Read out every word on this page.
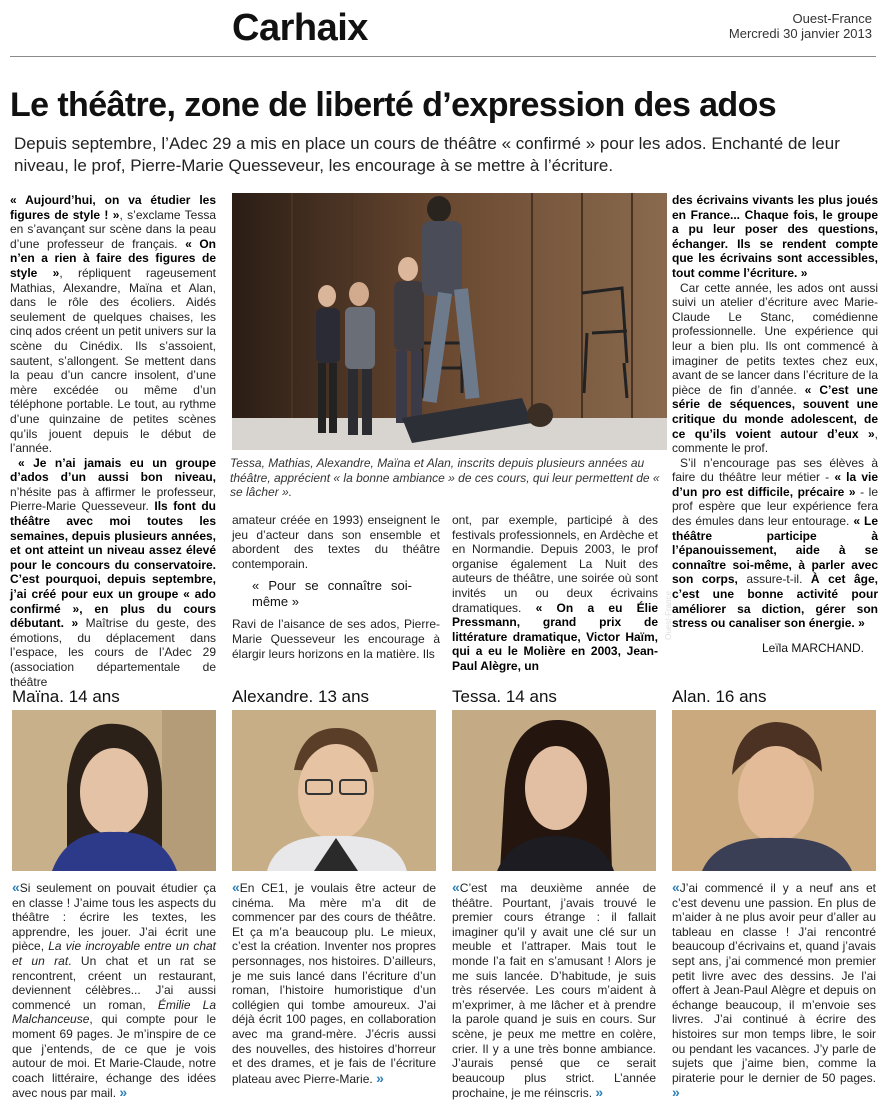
Carhaix	Ouest-France
Mercredi 30 janvier 2013
Le théâtre, zone de liberté d’expression des ados
Depuis septembre, l’Adec 29 a mis en place un cours de théâtre « confirmé » pour les ados. Enchanté de leur niveau, le prof, Pierre-Marie Quesseveur, les encourage à se mettre à l’écriture.

« Aujourd’hui, on va étudier les figures de style ! », s’exclame Tessa en s’avançant sur scène dans la peau d’une professeur de français. « On n’en a rien à faire des figures de style », répliquent rageusement Mathias, Alexandre, Maïna et Alan, dans le rôle des écoliers. Aidés seulement de quelques chaises, les cinq ados créent un petit univers sur la scène du Cinédix. Ils s’assoient, sautent, s’allongent. Se mettent dans la peau d’un cancre insolent, d’une mère excédée ou même d’un téléphone portable. Le tout, au rythme d’une quinzaine de petites scènes qu’ils jouent depuis le début de l’année.

« Je n’ai jamais eu un groupe d’ados d’un aussi bon niveau, n’hésite pas à affirmer le professeur, Pierre-Marie Quesseveur. Ils font du théâtre avec moi toutes les semaines, depuis plusieurs années, et ont atteint un niveau assez élevé pour le concours du conservatoire. C’est pourquoi, depuis septembre, j’ai créé pour eux un groupe « ado confirmé », en plus du cours débutant. » Maîtrise du geste, des émotions, du déplacement dans l’espace, les cours de l’Adec 29 (association départementale de théâtre

Ouest-France
Tessa, Mathias, Alexandre, Maïna et Alan, inscrits depuis plusieurs années au théâtre, apprécient « la bonne ambiance » de ces cours, qui leur permettent de « se lâcher ».

amateur créée en 1993) enseignent le jeu d’acteur dans son ensemble et abordent des textes du théâtre contemporain.

« Pour se connaître soi-même »

Ravi de l’aisance de ses ados, Pierre-Marie Quesseveur les encourage à élargir leurs horizons en la matière. Ils

ont, par exemple, participé à des festivals professionnels, en Ardèche et en Normandie. Depuis 2003, le prof organise également La Nuit des auteurs de théâtre, une soirée où sont invités un ou deux écrivains dramatiques. « On a eu Élie Pressmann, grand prix de littérature dramatique, Victor Haïm, qui a eu le Molière en 2003, Jean-Paul Alègre, un

des écrivains vivants les plus joués en France... Chaque fois, le groupe a pu leur poser des questions, échanger. Ils se rendent compte que les écrivains sont accessibles, tout comme l’écriture. »

Car cette année, les ados ont aussi suivi un atelier d’écriture avec Marie-Claude Le Stanc, comédienne professionnelle. Une expérience qui leur a bien plu. Ils ont commencé à imaginer de petits textes chez eux, avant de se lancer dans l’écriture de la pièce de fin d’année. « C’est une série de séquences, souvent une critique du monde adolescent, de ce qu’ils voient autour d’eux », commente le prof.

S’il n’encourage pas ses élèves à faire du théâtre leur métier - « la vie d’un pro est difficile, précaire » - le prof espère que leur expérience fera des émules dans leur entourage. « Le théâtre participe à l’épanouissement, aide à se connaître soi-même, à parler avec son corps, assure-t-il. À cet âge, c’est une bonne activité pour améliorer sa diction, gérer son stress ou canaliser son énergie. »

Leïla MARCHAND.
Maïna. 14 ans	Alexandre. 13 ans	Tessa. 14 ans	Alan. 16 ans
«Si seulement on pouvait étudier ça en classe ! J’aime tous les aspects du théâtre : écrire les textes, les apprendre, les jouer. J’ai écrit une pièce, La vie incroyable entre un chat et un rat. Un chat et un rat se rencontrent, créent un restaurant, deviennent célèbres... J’ai aussi commencé un roman, Émilie La Malchanceuse, qui compte pour le moment 69 pages. Je m’inspire de ce que j’entends, de ce que je vois autour de moi. Et Marie-Claude, notre coach littéraire, échange des idées avec nous par mail. »
«En CE1, je voulais être acteur de cinéma. Ma mère m’a dit de commencer par des cours de théâtre. Et ça m’a beaucoup plu. Le mieux, c’est la création. Inventer nos propres personnages, nos histoires. D’ailleurs, je me suis lancé dans l’écriture d’un roman, l’histoire humoristique d’un collégien qui tombe amoureux. J’ai déjà écrit 100 pages, en collaboration avec ma grand-mère. J’écris aussi des nouvelles, des histoires d’horreur et des drames, et je fais de l’écriture plateau avec Pierre-Marie. »
«C’est ma deuxième année de théâtre. Pourtant, j’avais trouvé le premier cours étrange : il fallait imaginer qu’il y avait une clé sur un meuble et l’attraper. Mais tout le monde l’a fait en s’amusant ! Alors je me suis lancée. D’habitude, je suis très réservée. Les cours m’aident à m’exprimer, à me lâcher et à prendre la parole quand je suis en cours. Sur scène, je peux me mettre en colère, crier. Il y a une très bonne ambiance. J’aurais pensé que ce serait beaucoup plus strict. L’année prochaine, je me réinscris. »
«J’ai commencé il y a neuf ans et c’est devenu une passion. En plus de m’aider à ne plus avoir peur d’aller au tableau en classe ! J’ai rencontré beaucoup d’écrivains et, quand j’avais sept ans, j’ai commencé mon premier petit livre avec des dessins. Je l’ai offert à Jean-Paul Alègre et depuis on échange beaucoup, il m’envoie ses livres. J’ai continué à écrire des histoires sur mon temps libre, le soir ou pendant les vacances. J’y parle de sujets que j’aime bien, comme la piraterie pour le dernier de 50 pages. »
